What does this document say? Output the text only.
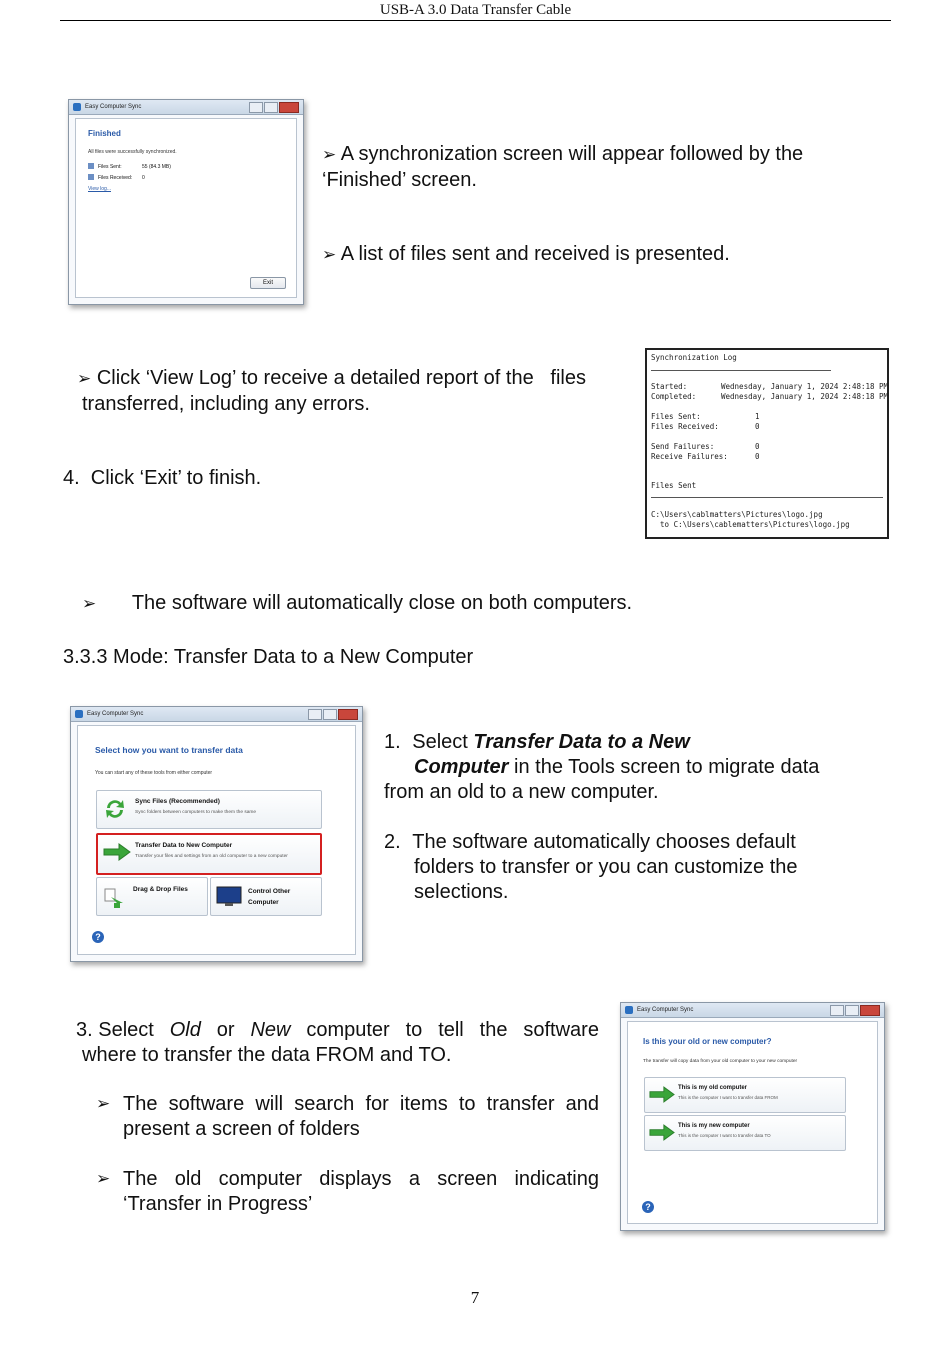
USB-A 3.0 Data Transfer Cable
Easy Computer Sync
Finished
All files were successfully synchronized.
Files Sent:	55 (84.3 MB)
Files Received: 0
View log...
Exit
➢ A synchronization screen will appear followed by the
‘Finished’ screen.
➢ A list of files sent and received is presented.
➢ Click ‘View Log’ to receive a detailed report of the   files
transferred, including any errors.
4.  Click ‘Exit’ to finish.
Synchronization Log
Started:	Wednesday, January 1, 2024 2:48:18 PM
Completed:	Wednesday, January 1, 2024 2:48:18 PM
Files Sent:	1
Files Received:	0
Send Failures:	0
Receive Failures:	0
Files Sent
C:\Users\cablmatters\Pictures\logo.jpg
to C:\Users\cablematters\Pictures\logo.jpg
➢ The software will automatically close on both computers.
3.3.3 Mode: Transfer Data to a New Computer
Easy Computer Sync
Select how you want to transfer data
You can start any of these tools from either computer
Sync Files (Recommended)
Sync folders between computers to make them the same
Transfer Data to New Computer
Transfer your files and settings from an old computer to a new computer
Drag & Drop Files	Control Other Computer
?
1. Select Transfer Data to a New
Computer in the Tools screen to migrate data
from an old to a new computer.
2. The software automatically chooses default
folders to transfer or you can customize the
selections.
3. Select Old or New computer to tell the software
where to transfer the data FROM and TO.
➢ The software will search for items to transfer and
present a screen of folders
➢ The old computer displays a screen indicating
‘Transfer in Progress’
Easy Computer Sync
Is this your old or new computer?
The transfer will copy data from your old computer to your new computer
This is my old computer
This is the computer I want to transfer data FROM
This is my new computer
This is the computer I want to transfer data TO
?
7
